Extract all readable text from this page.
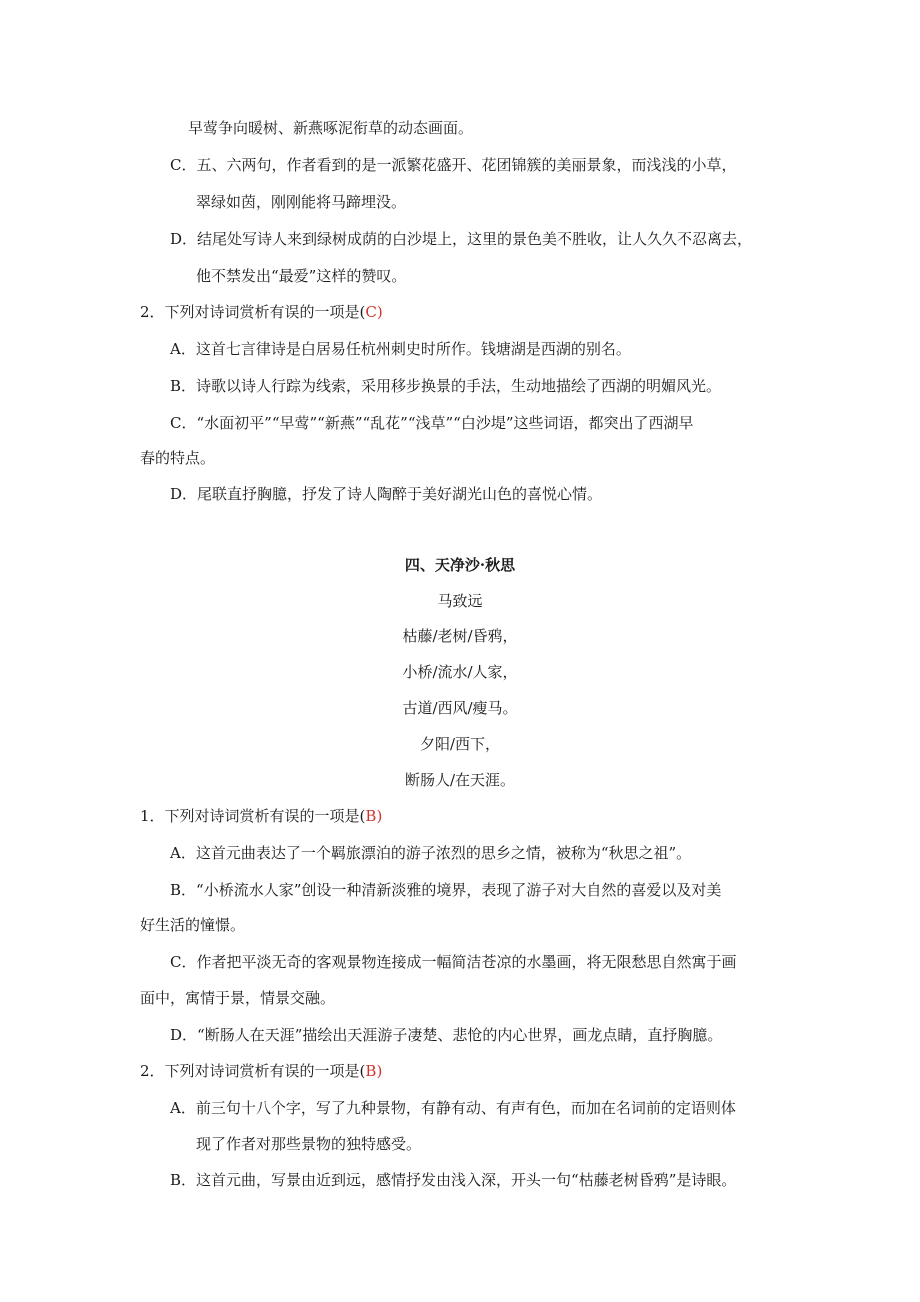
早莺争向暖树、新燕啄泥衔草的动态画面。
C．五、六两句，作者看到的是一派繁花盛开、花团锦簇的美丽景象，而浅浅的小草，
翠绿如茵，刚刚能将马蹄埋没。
D．结尾处写诗人来到绿树成荫的白沙堤上，这里的景色美不胜收，让人久久不忍离去，
他不禁发出“最爱”这样的赞叹。
2．下列对诗词赏析有误的一项是(C)
A．这首七言律诗是白居易任杭州刺史时所作。钱塘湖是西湖的别名。
B．诗歌以诗人行踪为线索，采用移步换景的手法，生动地描绘了西湖的明媚风光。
C．“水面初平”“早莺”“新燕”“乱花”“浅草”“白沙堤”这些词语，都突出了西湖早
春的特点。
D．尾联直抒胸臆，抒发了诗人陶醉于美好湖光山色的喜悦心情。
四、天净沙·秋思
马致远
枯藤/老树/昏鸦，
小桥/流水/人家，
古道/西风/瘦马。
夕阳/西下，
断肠人/在天涯。
1．下列对诗词赏析有误的一项是(B)
A．这首元曲表达了一个羁旅漂泊的游子浓烈的思乡之情，被称为“秋思之祖”。
B．“小桥流水人家”创设一种清新淡雅的境界，表现了游子对大自然的喜爱以及对美
好生活的憧憬。
C．作者把平淡无奇的客观景物连接成一幅简洁苍凉的水墨画，将无限愁思自然寓于画
面中，寓情于景，情景交融。
D．“断肠人在天涯”描绘出天涯游子凄楚、悲怆的内心世界，画龙点睛，直抒胸臆。
2．下列对诗词赏析有误的一项是(B)
A．前三句十八个字，写了九种景物，有静有动、有声有色，而加在名词前的定语则体
现了作者对那些景物的独特感受。
B．这首元曲，写景由近到远，感情抒发由浅入深，开头一句“枯藤老树昏鸦”是诗眼。
